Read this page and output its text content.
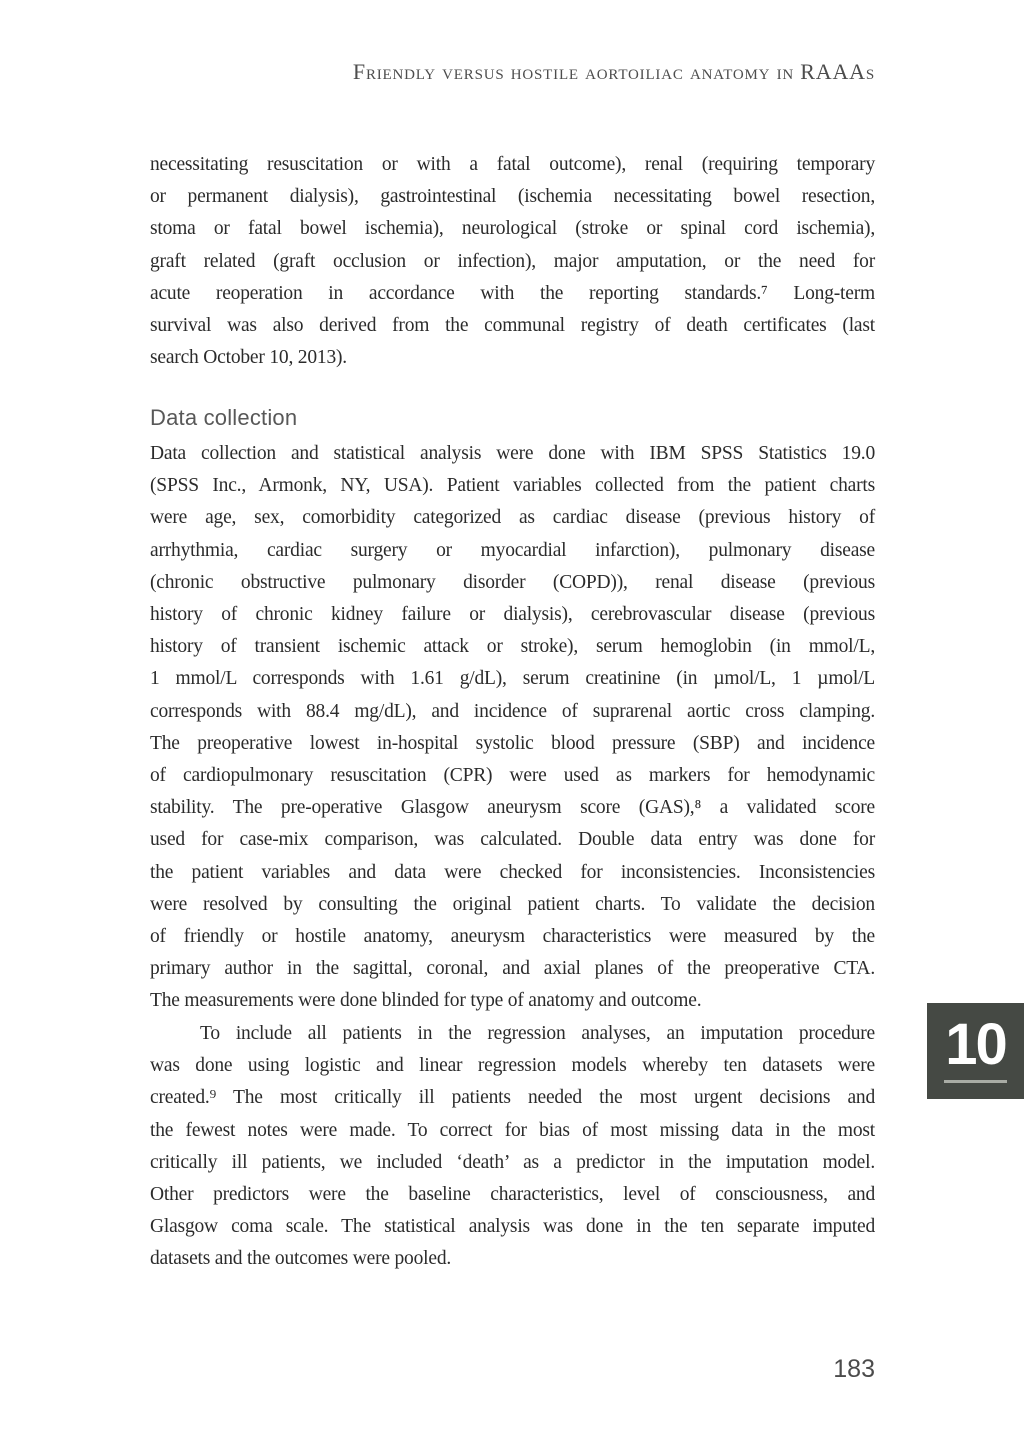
Friendly versus hostile aortoiliac anatomy in RAAAs
necessitating resuscitation or with a fatal outcome), renal (requiring temporary
or permanent dialysis), gastrointestinal (ischemia necessitating bowel resection,
stoma or fatal bowel ischemia), neurological (stroke or spinal cord ischemia),
graft related (graft occlusion or infection), major amputation, or the need for
acute reoperation in accordance with the reporting standards.⁷ Long-term
survival was also derived from the communal registry of death certificates (last
search October 10, 2013).
Data collection
Data collection and statistical analysis were done with IBM SPSS Statistics 19.0
(SPSS Inc., Armonk, NY, USA). Patient variables collected from the patient charts
were age, sex, comorbidity categorized as cardiac disease (previous history of
arrhythmia, cardiac surgery or myocardial infarction), pulmonary disease
(chronic obstructive pulmonary disorder (COPD)), renal disease (previous
history of chronic kidney failure or dialysis), cerebrovascular disease (previous
history of transient ischemic attack or stroke), serum hemoglobin (in mmol/L,
1 mmol/L corresponds with 1.61 g/dL), serum creatinine (in µmol/L, 1 µmol/L
corresponds with 88.4 mg/dL), and incidence of suprarenal aortic cross clamping.
The preoperative lowest in-hospital systolic blood pressure (SBP) and incidence
of cardiopulmonary resuscitation (CPR) were used as markers for hemodynamic
stability. The pre-operative Glasgow aneurysm score (GAS),⁸ a validated score
used for case-mix comparison, was calculated. Double data entry was done for
the patient variables and data were checked for inconsistencies. Inconsistencies
were resolved by consulting the original patient charts. To validate the decision
of friendly or hostile anatomy, aneurysm characteristics were measured by the
primary author in the sagittal, coronal, and axial planes of the preoperative CTA.
The measurements were done blinded for type of anatomy and outcome.
To include all patients in the regression analyses, an imputation procedure
was done using logistic and linear regression models whereby ten datasets were
created.⁹ The most critically ill patients needed the most urgent decisions and
the fewest notes were made. To correct for bias of most missing data in the most
critically ill patients, we included ‘death’ as a predictor in the imputation model.
Other predictors were the baseline characteristics, level of consciousness, and
Glasgow coma scale. The statistical analysis was done in the ten separate imputed
datasets and the outcomes were pooled.
10
183
